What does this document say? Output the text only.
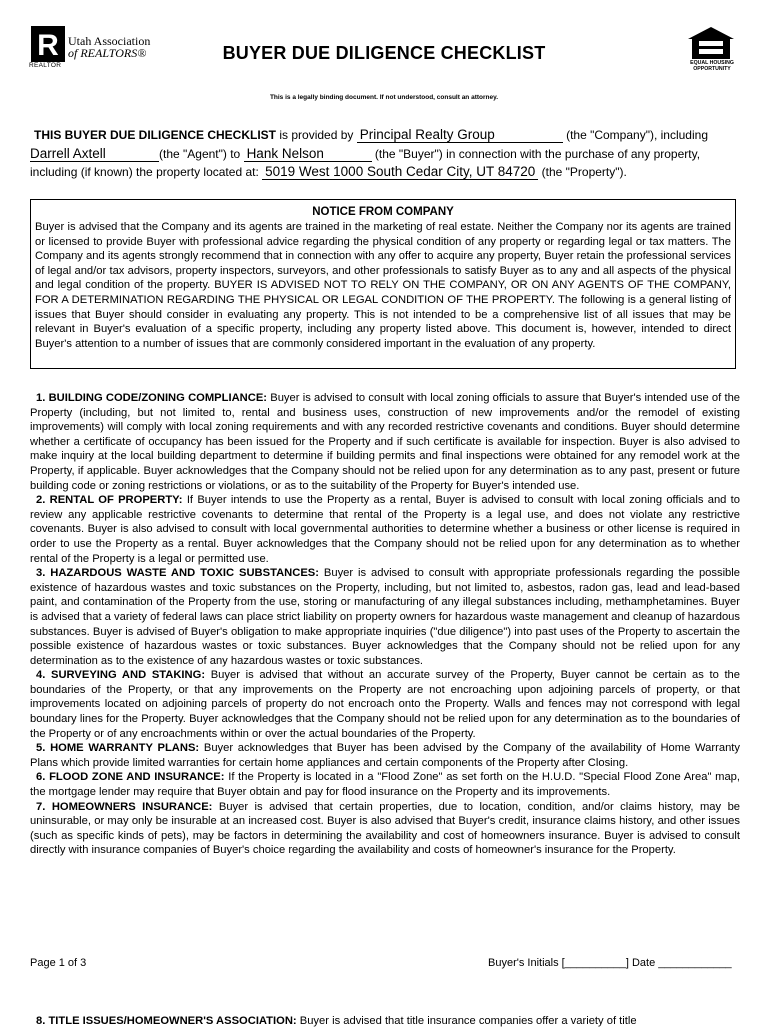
R
REALTOR
Utah Association
of REALTORS®	BUYER DUE DILIGENCE CHECKLIST	EQUAL HOUSING OPPORTUNITY
This is a legally binding document. If not understood, consult an attorney.
THIS BUYER DUE DILIGENCE CHECKLIST is provided by Principal Realty Group	(the "Company"), including
Darrell Axtell	(the "Agent") to Hank Nelson	(the "Buyer") in connection with the purchase of any property,
including (if known) the property located at: 5019 West 1000 South Cedar City, UT 84720 (the "Property").
NOTICE FROM COMPANY
Buyer is advised that the Company and its agents are trained in the marketing of real estate. Neither the Company nor its agents are trained or licensed to provide Buyer with professional advice regarding the physical condition of any property or regarding legal or tax matters. The Company and its agents strongly recommend that in connection with any offer to acquire any property, Buyer retain the professional services of legal and/or tax advisors, property inspectors, surveyors, and other professionals to satisfy Buyer as to any and all aspects of the physical and legal condition of the property. BUYER IS ADVISED NOT TO RELY ON THE COMPANY, OR ON ANY AGENTS OF THE COMPANY, FOR A DETERMINATION REGARDING THE PHYSICAL OR LEGAL CONDITION OF THE PROPERTY. The following is a general listing of issues that Buyer should consider in evaluating any property. This is not intended to be a comprehensive list of all issues that may be relevant in Buyer's evaluation of a specific property, including any property listed above. This document is, however, intended to direct Buyer's attention to a number of issues that are commonly considered important in the evaluation of any property.

1. BUILDING CODE/ZONING COMPLIANCE: Buyer is advised to consult with local zoning officials to assure that Buyer's intended use of the Property (including, but not limited to, rental and business uses, construction of new improvements and/or the remodel of existing improvements) will comply with local zoning requirements and with any recorded restrictive covenants and conditions. Buyer should determine whether a certificate of occupancy has been issued for the Property and if such certificate is available for inspection. Buyer is also advised to make inquiry at the local building department to determine if building permits and final inspections were obtained for any remodel work at the Property, if applicable. Buyer acknowledges that the Company should not be relied upon for any determination as to any past, present or future building code or zoning restrictions or violations, or as to the suitability of the Property for Buyer's intended use.

2. RENTAL OF PROPERTY: If Buyer intends to use the Property as a rental, Buyer is advised to consult with local zoning officials and to review any applicable restrictive covenants to determine that rental of the Property is a legal use, and does not violate any restrictive covenants. Buyer is also advised to consult with local governmental authorities to determine whether a business or other license is required in order to use the Property as a rental. Buyer acknowledges that the Company should not be relied upon for any determination as to whether rental of the Property is a legal or permitted use.

3. HAZARDOUS WASTE AND TOXIC SUBSTANCES: Buyer is advised to consult with appropriate professionals regarding the possible existence of hazardous wastes and toxic substances on the Property, including, but not limited to, asbestos, radon gas, lead and lead-based paint, and contamination of the Property from the use, storing or manufacturing of any illegal substances including, methamphetamines. Buyer is advised that a variety of federal laws can place strict liability on property owners for hazardous waste management and cleanup of hazardous substances. Buyer is advised of Buyer's obligation to make appropriate inquiries ("due diligence") into past uses of the Property to ascertain the possible existence of hazardous wastes or toxic substances. Buyer acknowledges that the Company should not be relied upon for any determination as to the existence of any hazardous wastes or toxic substances.

4. SURVEYING AND STAKING: Buyer is advised that without an accurate survey of the Property, Buyer cannot be certain as to the boundaries of the Property, or that any improvements on the Property are not encroaching upon adjoining parcels of property, or that improvements located on adjoining parcels of property do not encroach onto the Property. Walls and fences may not correspond with legal boundary lines for the Property. Buyer acknowledges that the Company should not be relied upon for any determination as to the boundaries of the Property or of any encroachments within or over the actual boundaries of the Property.

5. HOME WARRANTY PLANS: Buyer acknowledges that Buyer has been advised by the Company of the availability of Home Warranty Plans which provide limited warranties for certain home appliances and certain components of the Property after Closing.

6. FLOOD ZONE AND INSURANCE: If the Property is located in a "Flood Zone" as set forth on the H.U.D. "Special Flood Zone Area" map, the mortgage lender may require that Buyer obtain and pay for flood insurance on the Property and its improvements.

7. HOMEOWNERS INSURANCE: Buyer is advised that certain properties, due to location, condition, and/or claims history, may be uninsurable, or may only be insurable at an increased cost. Buyer is also advised that Buyer's credit, insurance claims history, and other issues (such as specific kinds of pets), may be factors in determining the availability and cost of homeowners insurance. Buyer is advised to consult directly with insurance companies of Buyer's choice regarding the availability and costs of homeowner's insurance for the Property.

Page 1 of 3	Buyer's Initials [__________] Date ____________
8. TITLE ISSUES/HOMEOWNER'S ASSOCIATION: Buyer is advised that title insurance companies offer a variety of title
